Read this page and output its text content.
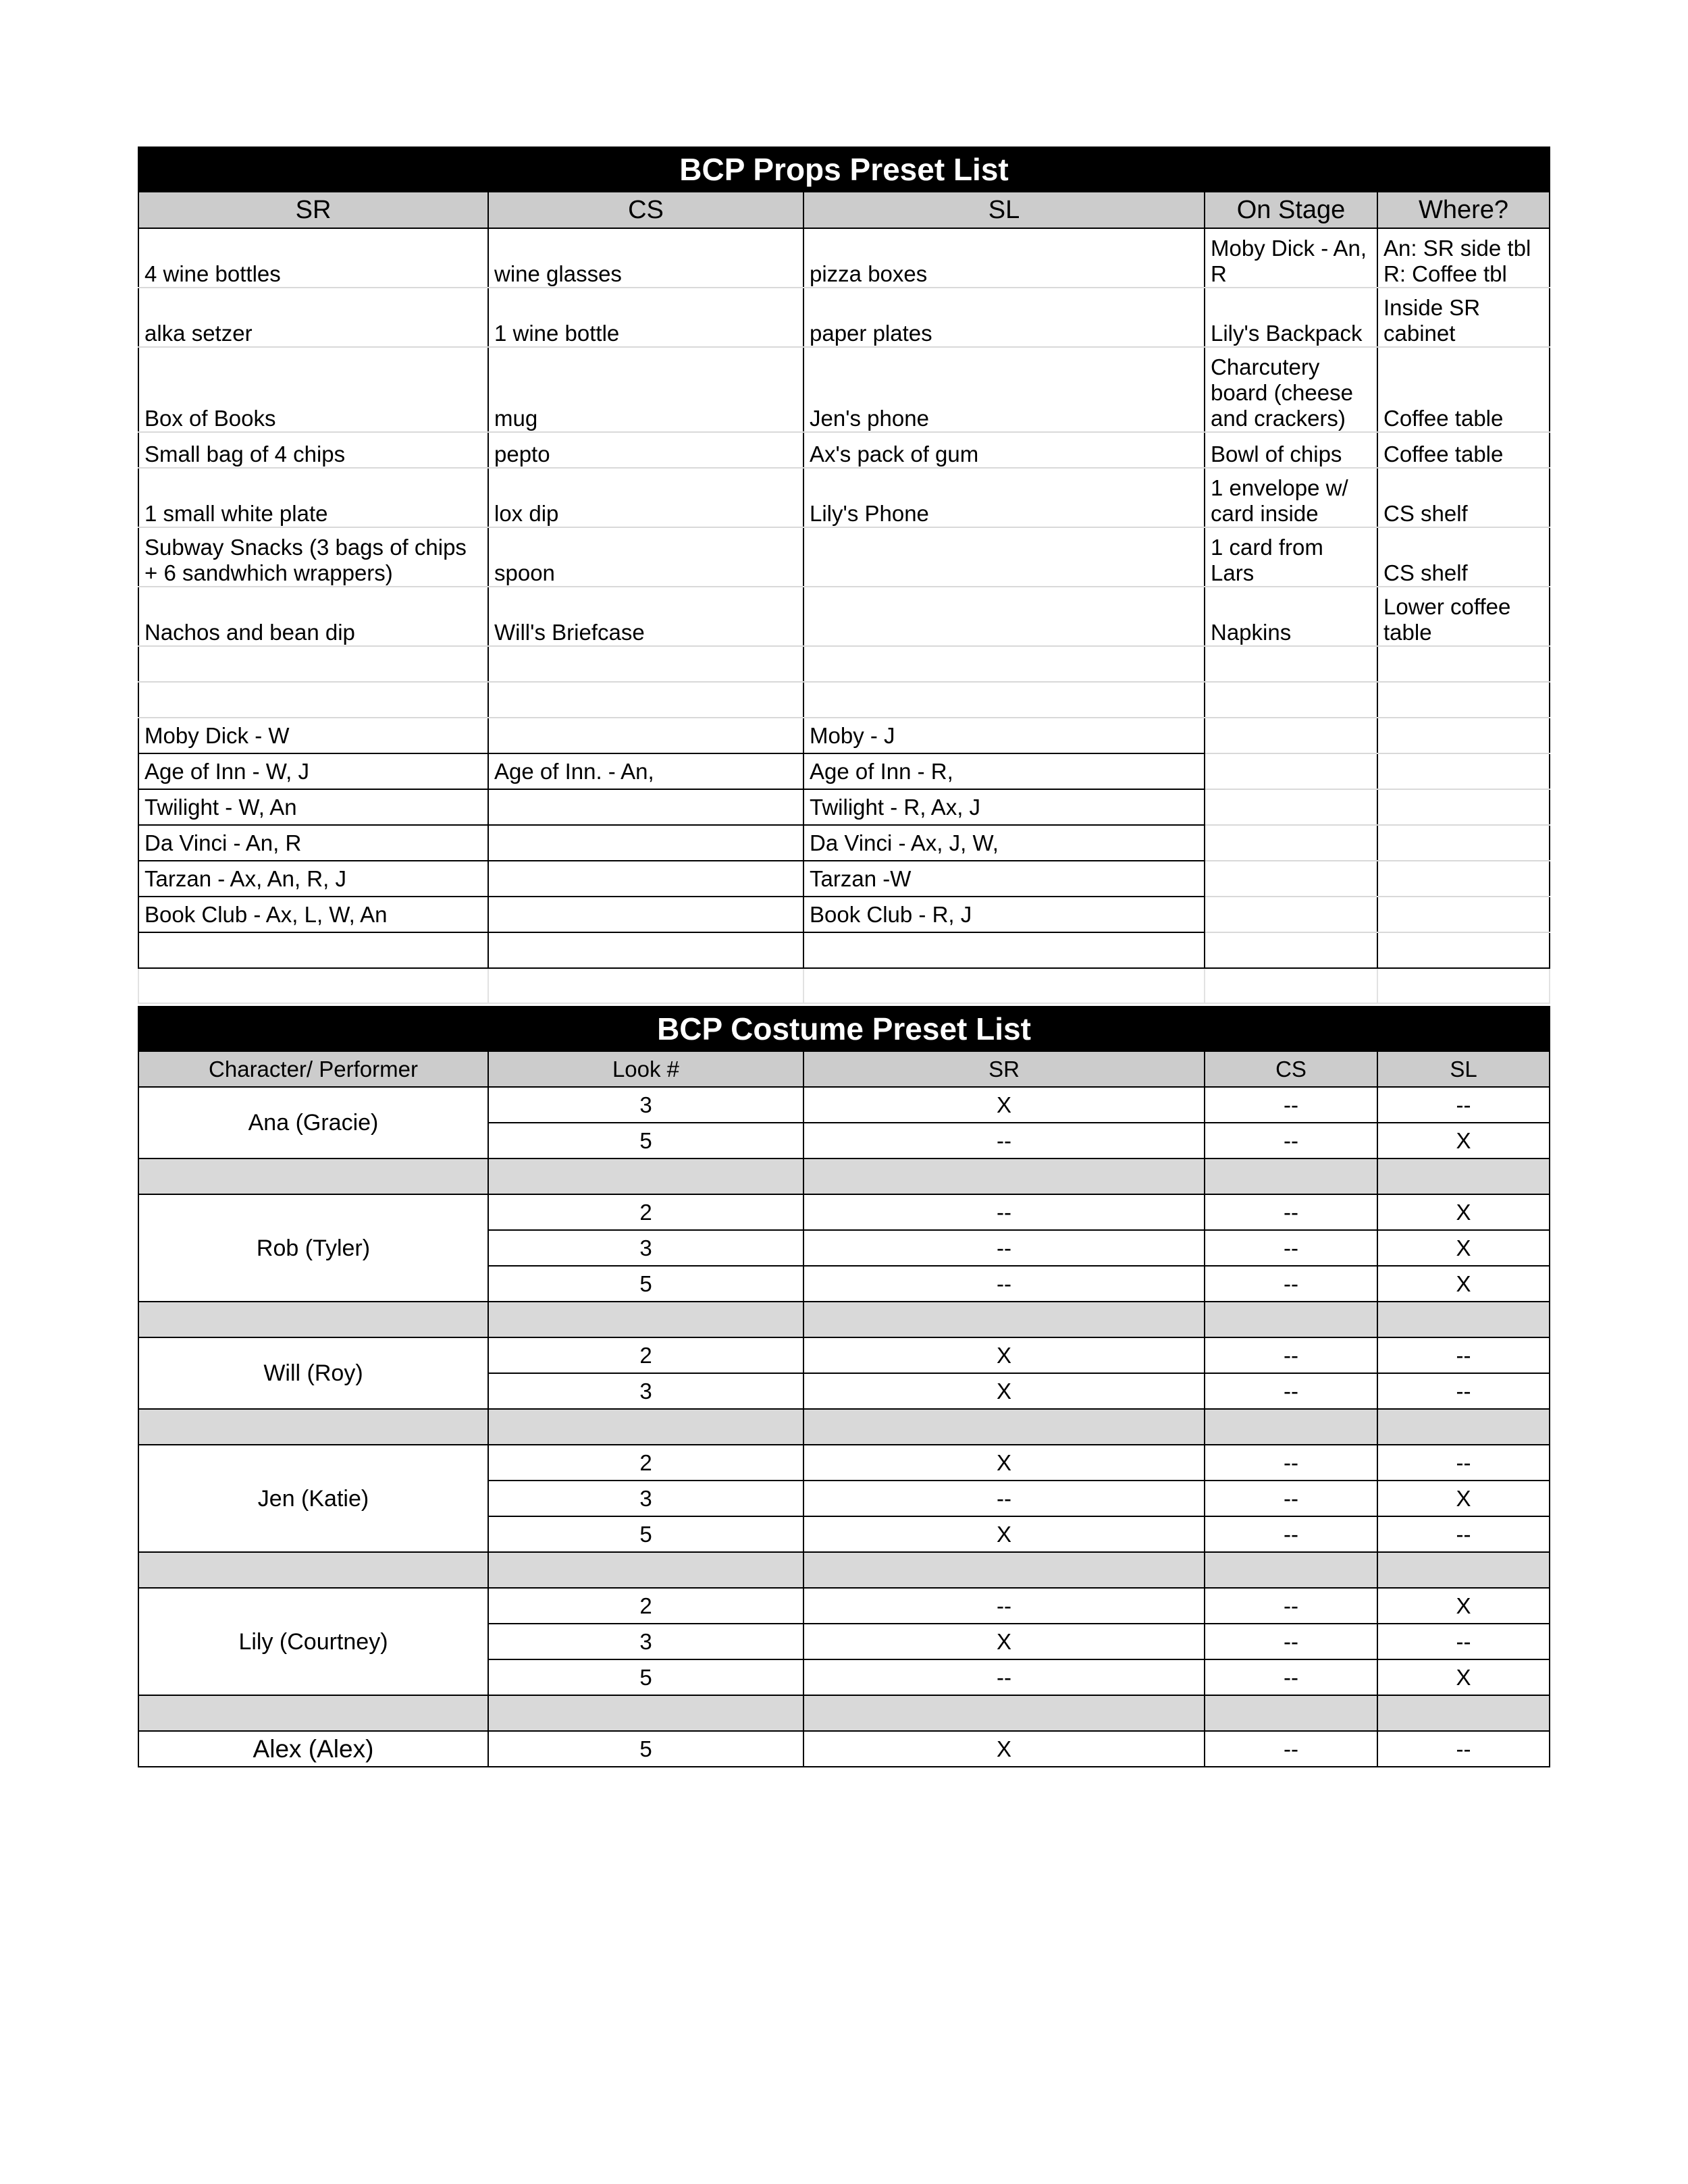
BCP Props Preset List				
SR	CS	SL	On Stage	Where?
4 wine bottles	wine glasses	pizza boxes	Moby Dick - An, R	An: SR side tbl R: Coffee tbl
alka setzer	1 wine bottle	paper plates	Lily's Backpack	Inside SR cabinet
Box of Books	mug	Jen's phone	Charcutery board (cheese and crackers)	Coffee table
Small bag of 4 chips	pepto	Ax's pack of gum	Bowl of chips	Coffee table
1 small white plate	lox dip	Lily's Phone	1 envelope w/ card inside	CS shelf
Subway Snacks (3 bags of chips + 6 sandwhich wrappers)	spoon		1 card from Lars	CS shelf
Nachos and bean dip	Will's Briefcase		Napkins	Lower coffee table

Moby Dick - W		Moby - J		
Age of Inn - W, J	Age of Inn. - An,	Age of Inn - R,		
Twilight - W, An		Twilight - R, Ax, J		
Da Vinci - An, R		Da Vinci - Ax, J, W,		
Tarzan - Ax, An, R, J		Tarzan -W		
Book Club - Ax, L, W, An		Book Club - R, J		

BCP Costume Preset List				
Character/ Performer	Look #	SR	CS	SL
Ana (Gracie)	3	X	--	--
	5	--	--	X

Rob (Tyler)	2	--	--	X
	3	--	--	X
	5	--	--	X

Will (Roy)	2	X	--	--
	3	X	--	--

Jen (Katie)	2	X	--	--
	3	--	--	X
	5	X	--	--

Lily (Courtney)	2	--	--	X
	3	X	--	--
	5	--	--	X

Alex (Alex)	5	X	--	--
